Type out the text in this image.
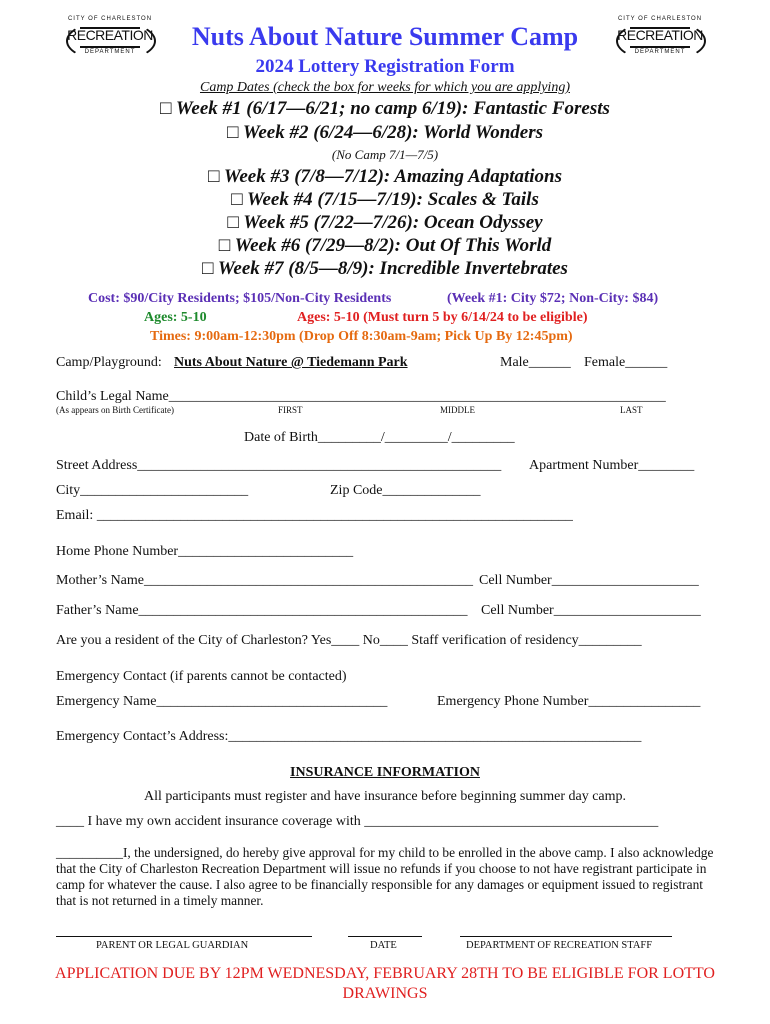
CITY OF CHARLESTON
RECREATION
DEPARTMENT
CITY OF CHARLESTON
RECREATION
DEPARTMENT
Nuts About Nature Summer Camp
2024 Lottery Registration Form
Camp Dates (check the box for weeks for which you are applying)
□ Week #1 (6/17—6/21; no camp 6/19): Fantastic Forests
□ Week #2 (6/24—6/28): World Wonders
(No Camp 7/1—7/5)
□ Week #3 (7/8—7/12): Amazing Adaptations
□ Week #4 (7/15—7/19): Scales & Tails
□ Week #5 (7/22—7/26): Ocean Odyssey
□ Week #6 (7/29—8/2): Out Of This World
□ Week #7 (8/5—8/9): Incredible Invertebrates
Cost: $90/City Residents; $105/Non-City Residents	(Week #1: City $72; Non-City: $84)
Ages: 5-10	Ages: 5-10 (Must turn 5 by 6/14/24 to be eligible)
Times: 9:00am-12:30pm (Drop Off 8:30am-9am; Pick Up By 12:45pm)
Camp/Playground: Nuts About Nature @ Tiedemann Park	Male______ Female______
Child’s Legal Name_______________________________________________________________________
(As appears on Birth Certificate)	FIRST	MIDDLE	LAST
Date of Birth_________/_________/_________
Street Address____________________________________________________ Apartment Number________
City________________________	Zip Code______________
Email: ____________________________________________________________________
Home Phone Number_________________________
Mother’s Name_______________________________________________ Cell Number_____________________
Father’s Name_______________________________________________ Cell Number_____________________
Are you a resident of the City of Charleston? Yes____ No____ Staff verification of residency_________
Emergency Contact (if parents cannot be contacted)
Emergency Name_________________________________	Emergency Phone Number________________
Emergency Contact’s Address:___________________________________________________________
INSURANCE INFORMATION
All participants must register and have insurance before beginning summer day camp.
____ I have my own accident insurance coverage with __________________________________________
__________I, the undersigned, do hereby give approval for my child to be enrolled in the above camp. I also acknowledge that the City of Charleston Recreation Department will issue no refunds if you choose to not have registrant participate in camp for whatever the cause. I also agree to be financially responsible for any damages or equipment issued to registrant that is not returned in a timely manner.
PARENT OR LEGAL GUARDIAN	DATE	DEPARTMENT OF RECREATION STAFF
APPLICATION DUE BY 12PM WEDNESDAY, FEBRUARY 28TH TO BE ELIGIBLE FOR LOTTO DRAWINGS
